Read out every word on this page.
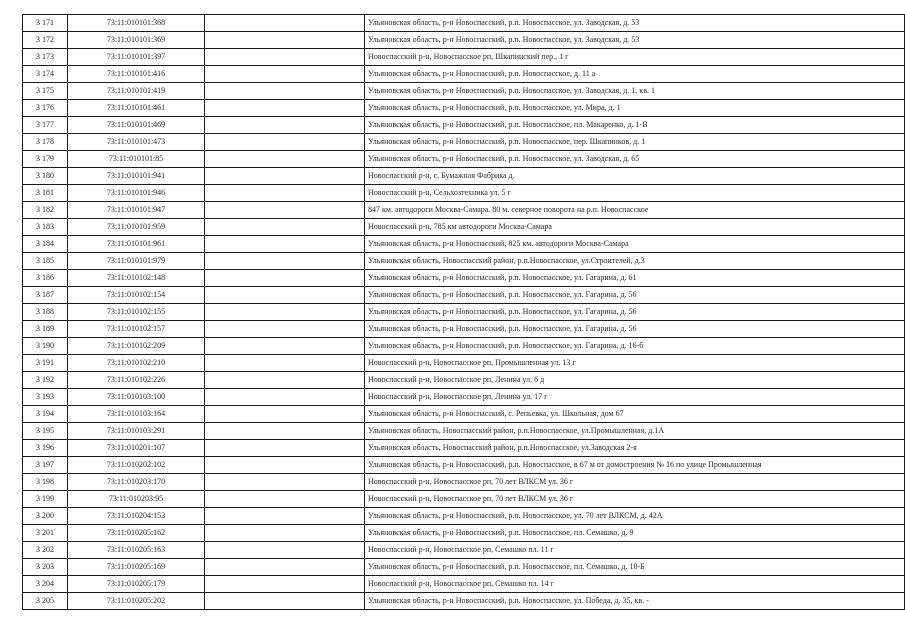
3 171	73:11:010101:368		Ульяновская область, р-н Новоспасский, р.п. Новоспасское, ул. Заводская, д. 53
3 172	73:11:010101:369		Ульяновская область, р-н Новоспасский, р.п. Новоспасское, ул. Заводская, д. 53
3 173	73:11:010101:397		Новоспасский р-н, Новоспасское рп, Шкапинский пер., 1 г
3 174	73:11:010101:416		Ульяновская область, р-н Новоспасский, р.п. Новоспасское, д. 11 а
3 175	73:11:010101:419		Ульяновская область, р-н Новоспасский, р.п. Новоспасское, ул. Заводская, д. 1, кв. 1
3 176	73:11:010101:461		Ульяновская область, р-н Новоспасский, р.п. Новоспасское, ул. Мира, д. 1
3 177	73:11:010101:469		Ульяновская область, р-н Новоспасский, р.п. Новоспасское, пл. Макаренко, д. 1-В
3 178	73:11:010101:473		Ульяновская область, р-н Новоспасский, р.п. Новоспасское, пер. Шкапинков, д. 1
3 179	73:11:010101:85		Ульяновская область, р-н Новоспасский, р.п. Новоспасское, ул. Заводская, д. 65
3 180	73:11:010101:941		Новоспасский р-н, с. Бумажная Фабрика д.
3 181	73:11:010101:946		Новоспасский р-н, Сельхозтехника ул. 5 г
3 182	73:11:010101:947		847 км. автодороги Москва-Самара. 80 м. северное поворота на р.п. Новоспасское
3 183	73:11:010101:959		Новоспасский р-н, 785 км автодороги Москва-Самара
3 184	73:11:010101:961		Ульяновская область, р-н Новоспасский, 825 км. автодороги Москва-Самара
3 185	73:11:010101:979		Ульяновская область, Новоспасский район, р.п.Новоспасское, ул.Строителей, д.3
3 186	73:11:010102:148		Ульяновская область, р-н Новоспасский, р.п. Новоспасское, ул. Гагарина, д. 61
3 187	73:11:010102:154		Ульяновская область, р-н Новоспасский, р.п. Новоспасское, ул. Гагарина, д. 56
3 188	73:11:010102:155		Ульяновская область, р-н Новоспасский, р.п. Новоспасское, ул. Гагарина, д. 56
3 189	73:11:010102:157		Ульяновская область, р-н Новоспасский, р.п. Новоспасское, ул. Гагарина, д. 56
3 190	73:11:010102:209		Ульяновская область, р-н Новоспасский, р.п. Новоспасское, ул. Гагарина, д. 16-б
3 191	73:11:010102:210		Новоспасский р-н, Новоспасское рп, Промышленная ул. 13 г
3 192	73:11:010102:226		Новоспасский р-н, Новоспасское рп, Ленина ул. 6 д
3 193	73:11:010103:100		Новоспасский р-н, Новоспасское рп, Ленина ул. 17 г
3 194	73:11:010103:164		Ульяновская область, р-н Новоспасский, с. Репьевка, ул. Школьная, дом 67
3 195	73:11:010103:291		Ульяновская область, Новоспасский район, р.п.Новоспасское, ул.Промышленная, д.1А
3 196	73:11:010201:107		Ульяновская область, Новоспасский район, р.п.Новоспасское, ул.Заводская 2-я
3 197	73:11:010202:102		Ульяновская область, р-н Новоспасский, р.п. Новоспасское, в 67 м от домостроения № 16 по улице Промышленная
3 198	73:11:010203:170		Новоспасский р-н, Новоспасское рп, 70 лет ВЛКСМ ул. 36 г
3 199	73:11:010203:95		Новоспасский р-н, Новоспасское рп, 70 лет ВЛКСМ ул. 36 г
3 200	73:11:010204:153		Ульяновская область, р-н Новоспасский, р.п. Новоспасское, ул. 70 лет ВЛКСМ, д. 42А
3 201	73:11:010205:162		Ульяновская область, р-н Новоспасский, р.п. Новоспасское, пл. Семашко, д. 9
3 202	73:11:010205:163		Новоспасский р-н, Новоспасское рп, Семашко пл. 11 г
3 203	73:11:010205:169		Ульяновская область, р-н Новоспасский, р.п. Новоспасское, пл. Семашко, д. 10-Б
3 204	73:11:010205:179		Новоспасский р-н, Новоспасское рп, Семашко пл. 14 г
3 205	73:11:010205:202		Ульяновская область, р-н Новоспасский, р.п. Новоспасское, ул. Победа, д. 35, кв. -
